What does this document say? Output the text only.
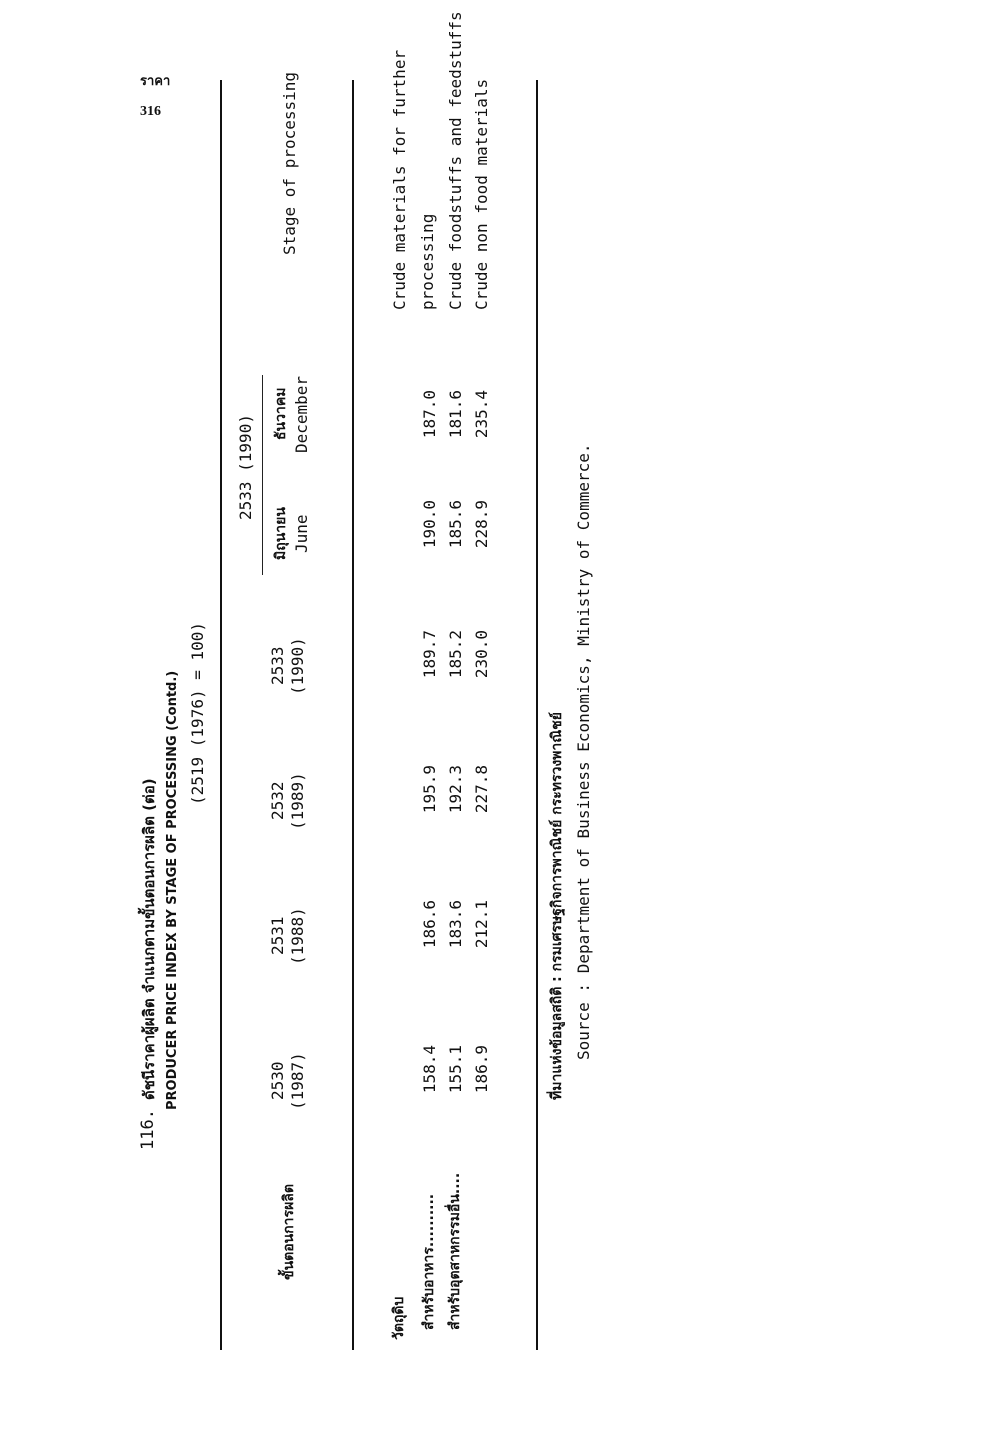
ราคา
316
116.
ดัชนีราคาผู้ผลิต จำแนกตามขั้นตอนการผลิต (ต่อ) PRODUCER PRICE INDEX BY STAGE OF PROCESSING (Contd.) (2519 (1976) = 100)
ขั้นตอนการผลิต
Stage of processing
2530 (1987)
2531 (1988)
2532 (1989)
2533 (1990)
2533 (1990)
มิถุนายน June
ธันวาคม December
วัตถุดิบ
Crude materials for further processing
สำหรับอาหาร..........
158.4
186.6
195.9
189.7
190.0
187.0
Crude foodstuffs and feedstuffs
สำหรับอุตสาหกรรมอื่น....
155.1
183.6
192.3
185.2
185.6
181.6
Crude non food materials
186.9
212.1
227.8
230.0
228.9
235.4
ที่มาแห่งข้อมูลสถิติ : กรมเศรษฐกิจการพาณิชย์ กระทรวงพาณิชย์ Source : Department of Business Economics, Ministry of Commerce.
